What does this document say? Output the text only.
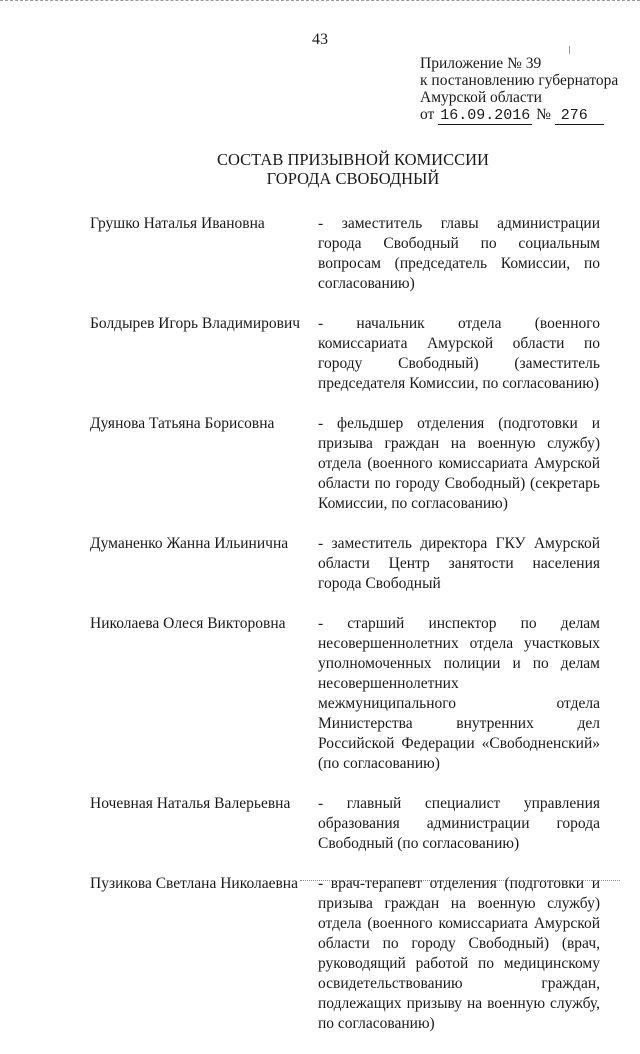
43
Приложение № 39
к постановлению губернатора
Амурской области
от 16.09.2016 № 276
СОСТАВ ПРИЗЫВНОЙ КОМИССИИ
ГОРОДА СВОБОДНЫЙ
Грушко Наталья Ивановна	- заместитель главы администрации города Свободный по социальным вопросам (председатель Комиссии, по согласованию)
Болдырев Игорь Владимирович	- начальник отдела (военного комиссариата Амурской области по городу Свободный) (заместитель председателя Комиссии, по согласованию)
Дуянова Татьяна Борисовна	- фельдшер отделения (подготовки и призыва граждан на военную службу) отдела (военного комиссариата Амурской области по городу Свободный) (секретарь Комиссии, по согласованию)
Думаненко Жанна Ильинична	- заместитель директора ГКУ Амурской области Центр занятости населения города Свободный
Николаева Олеся Викторовна	- старший инспектор по делам несовершеннолетних отдела участковых уполномоченных полиции и по делам несовершеннолетних межмуниципального отдела Министерства внутренних дел Российской Федерации «Свободненский» (по согласованию)
Ночевная Наталья Валерьевна	- главный специалист управления образования администрации города Свободный (по согласованию)
Пузикова Светлана Николаевна	- врач-терапевт отделения (подготовки и призыва граждан на военную службу) отдела (военного комиссариата Амурской области по городу Свободный) (врач, руководящий работой по медицинскому освидетельствованию граждан, подлежащих призыву на военную службу, по согласованию)
